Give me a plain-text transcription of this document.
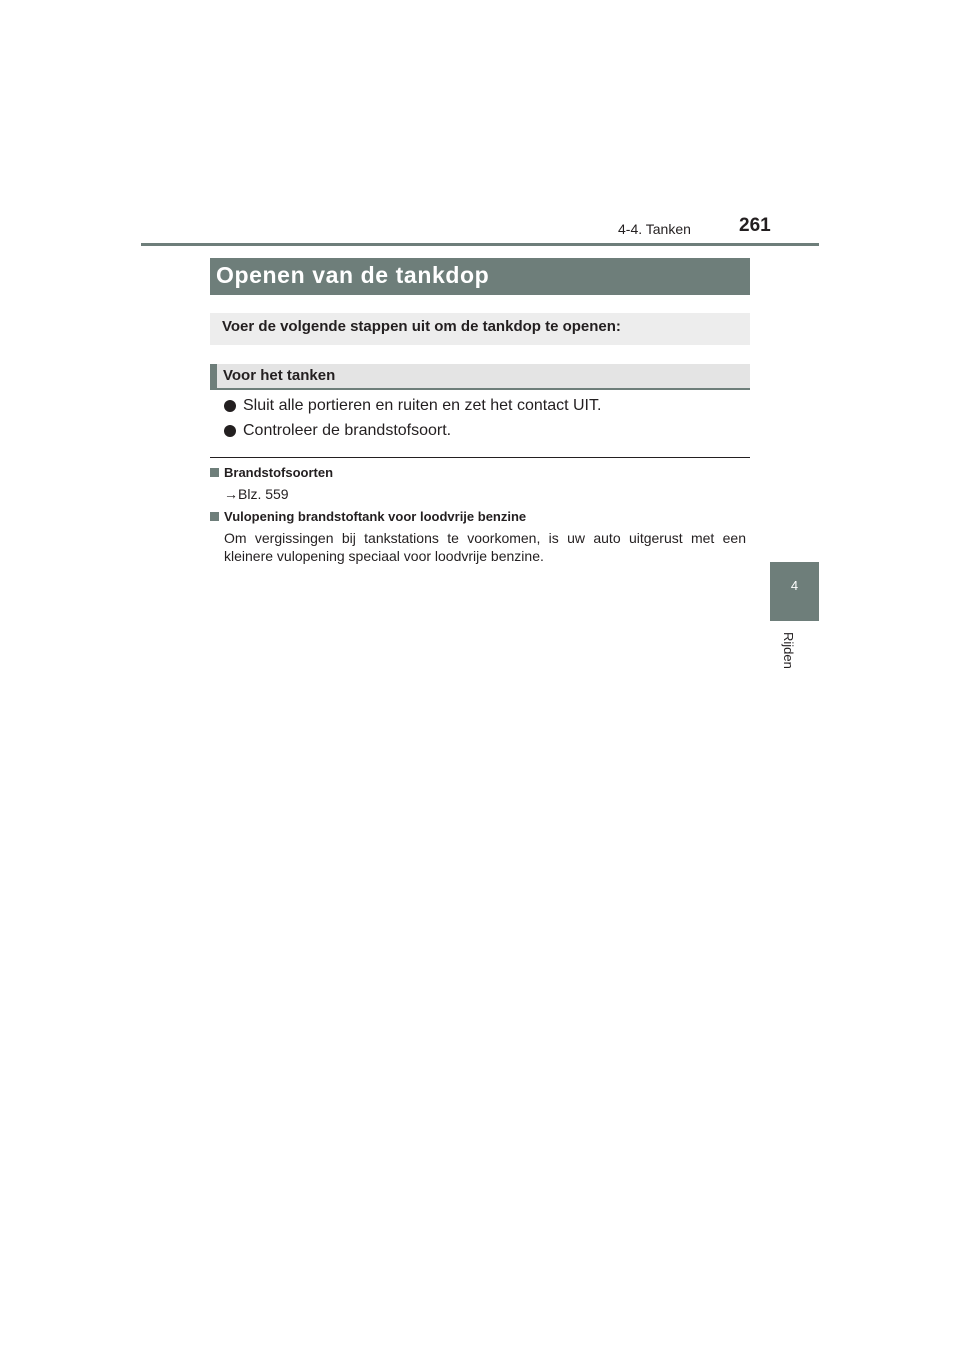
4-4. Tanken	261
4
Rijden
Openen van de tankdop
Voer de volgende stappen uit om de tankdop te openen:
Voor het tanken
Sluit alle portieren en ruiten en zet het contact UIT.
Controleer de brandstofsoort.
Brandstofsoorten
→Blz. 559
Vulopening brandstoftank voor loodvrije benzine
Om vergissingen bij tankstations te voorkomen, is uw auto uitgerust met een
kleinere vulopening speciaal voor loodvrije benzine.
